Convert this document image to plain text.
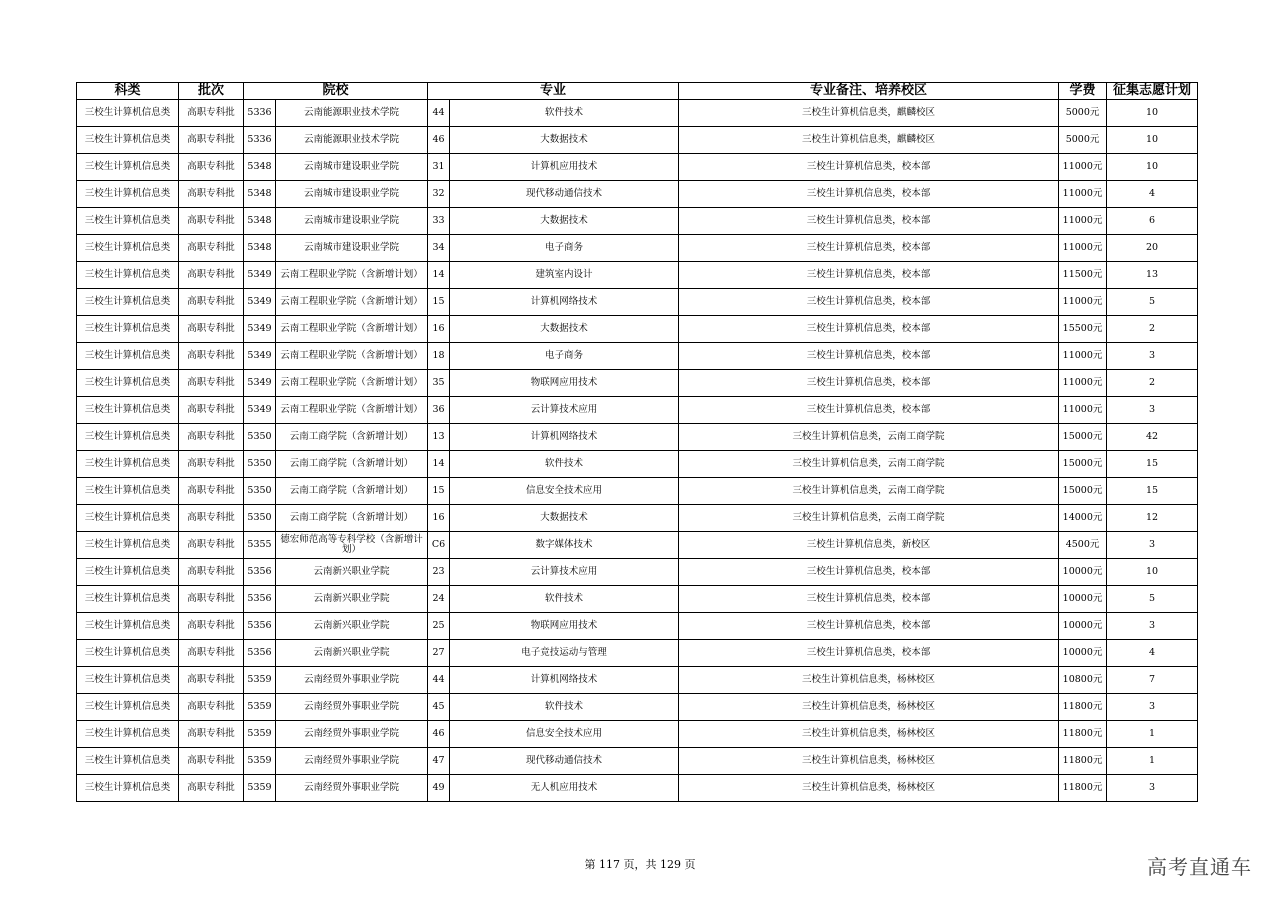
科类	批次	院校		专业		专业备注、培养校区	学费	征集志愿计划
三校生计算机信息类	高职专科批	5336	云南能源职业技术学院	44	软件技术	三校生计算机信息类，麒麟校区	5000元	10
三校生计算机信息类	高职专科批	5336	云南能源职业技术学院	46	大数据技术	三校生计算机信息类，麒麟校区	5000元	10
三校生计算机信息类	高职专科批	5348	云南城市建设职业学院	31	计算机应用技术	三校生计算机信息类，校本部	11000元	10
三校生计算机信息类	高职专科批	5348	云南城市建设职业学院	32	现代移动通信技术	三校生计算机信息类，校本部	11000元	4
三校生计算机信息类	高职专科批	5348	云南城市建设职业学院	33	大数据技术	三校生计算机信息类，校本部	11000元	6
三校生计算机信息类	高职专科批	5348	云南城市建设职业学院	34	电子商务	三校生计算机信息类，校本部	11000元	20
三校生计算机信息类	高职专科批	5349	云南工程职业学院（含新增计划）	14	建筑室内设计	三校生计算机信息类，校本部	11500元	13
三校生计算机信息类	高职专科批	5349	云南工程职业学院（含新增计划）	15	计算机网络技术	三校生计算机信息类，校本部	11000元	5
三校生计算机信息类	高职专科批	5349	云南工程职业学院（含新增计划）	16	大数据技术	三校生计算机信息类，校本部	15500元	2
三校生计算机信息类	高职专科批	5349	云南工程职业学院（含新增计划）	18	电子商务	三校生计算机信息类，校本部	11000元	3
三校生计算机信息类	高职专科批	5349	云南工程职业学院（含新增计划）	35	物联网应用技术	三校生计算机信息类，校本部	11000元	2
三校生计算机信息类	高职专科批	5349	云南工程职业学院（含新增计划）	36	云计算技术应用	三校生计算机信息类，校本部	11000元	3
三校生计算机信息类	高职专科批	5350	云南工商学院（含新增计划）	13	计算机网络技术	三校生计算机信息类，云南工商学院	15000元	42
三校生计算机信息类	高职专科批	5350	云南工商学院（含新增计划）	14	软件技术	三校生计算机信息类，云南工商学院	15000元	15
三校生计算机信息类	高职专科批	5350	云南工商学院（含新增计划）	15	信息安全技术应用	三校生计算机信息类，云南工商学院	15000元	15
三校生计算机信息类	高职专科批	5350	云南工商学院（含新增计划）	16	大数据技术	三校生计算机信息类，云南工商学院	14000元	12
三校生计算机信息类	高职专科批	5355	德宏师范高等专科学校（含新增计划）	C6	数字媒体技术	三校生计算机信息类，新校区	4500元	3
三校生计算机信息类	高职专科批	5356	云南新兴职业学院	23	云计算技术应用	三校生计算机信息类，校本部	10000元	10
三校生计算机信息类	高职专科批	5356	云南新兴职业学院	24	软件技术	三校生计算机信息类，校本部	10000元	5
三校生计算机信息类	高职专科批	5356	云南新兴职业学院	25	物联网应用技术	三校生计算机信息类，校本部	10000元	3
三校生计算机信息类	高职专科批	5356	云南新兴职业学院	27	电子竞技运动与管理	三校生计算机信息类，校本部	10000元	4
三校生计算机信息类	高职专科批	5359	云南经贸外事职业学院	44	计算机网络技术	三校生计算机信息类，杨林校区	10800元	7
三校生计算机信息类	高职专科批	5359	云南经贸外事职业学院	45	软件技术	三校生计算机信息类，杨林校区	11800元	3
三校生计算机信息类	高职专科批	5359	云南经贸外事职业学院	46	信息安全技术应用	三校生计算机信息类，杨林校区	11800元	1
三校生计算机信息类	高职专科批	5359	云南经贸外事职业学院	47	现代移动通信技术	三校生计算机信息类，杨林校区	11800元	1
三校生计算机信息类	高职专科批	5359	云南经贸外事职业学院	49	无人机应用技术	三校生计算机信息类，杨林校区	11800元	3
第 117 页，共 129 页	高考直通车
